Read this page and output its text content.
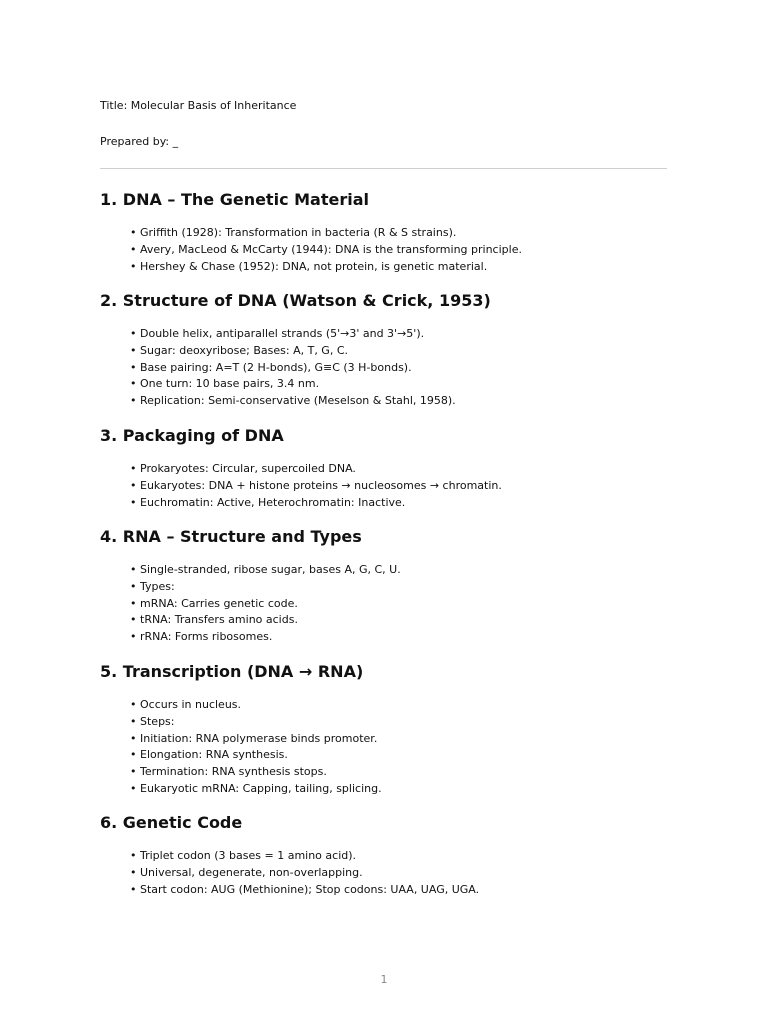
Title: Molecular Basis of Inheritance

Prepared by: _

1. DNA – The Genetic Material
• Griffith (1928): Transformation in bacteria (R & S strains).
• Avery, MacLeod & McCarty (1944): DNA is the transforming principle.
• Hershey & Chase (1952): DNA, not protein, is genetic material.
2. Structure of DNA (Watson & Crick, 1953)
• Double helix, antiparallel strands (5'→3' and 3'→5').
• Sugar: deoxyribose; Bases: A, T, G, C.
• Base pairing: A=T (2 H-bonds), G≡C (3 H-bonds).
• One turn: 10 base pairs, 3.4 nm.
• Replication: Semi-conservative (Meselson & Stahl, 1958).
3. Packaging of DNA
• Prokaryotes: Circular, supercoiled DNA.
• Eukaryotes: DNA + histone proteins → nucleosomes → chromatin.
• Euchromatin: Active, Heterochromatin: Inactive.
4. RNA – Structure and Types
• Single-stranded, ribose sugar, bases A, G, C, U.
• Types:
• mRNA: Carries genetic code.
• tRNA: Transfers amino acids.
• rRNA: Forms ribosomes.
5. Transcription (DNA → RNA)
• Occurs in nucleus.
• Steps:
• Initiation: RNA polymerase binds promoter.
• Elongation: RNA synthesis.
• Termination: RNA synthesis stops.
• Eukaryotic mRNA: Capping, tailing, splicing.
6. Genetic Code
• Triplet codon (3 bases = 1 amino acid).
• Universal, degenerate, non-overlapping.
• Start codon: AUG (Methionine); Stop codons: UAA, UAG, UGA.
1
